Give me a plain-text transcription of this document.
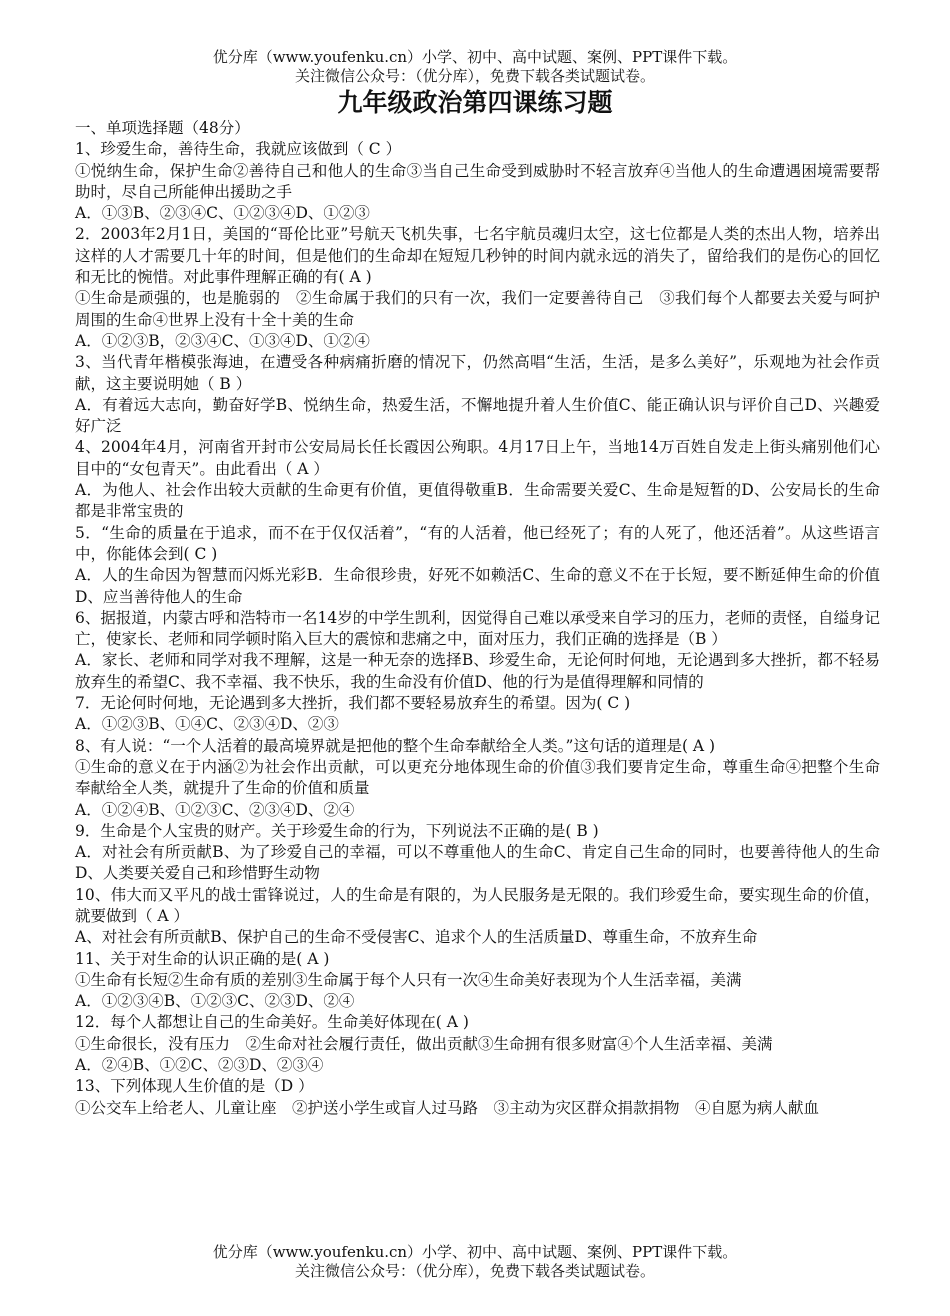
优分库（www.youfenku.cn）小学、初中、高中试题、案例、PPT课件下载。
关注微信公众号：（优分库），免费下载各类试题试卷。
九年级政治第四课练习题

一、单项选择题（48分）

1、珍爱生命，善待生命，我就应该做到（ C ）

①悦纳生命，保护生命②善待自己和他人的生命③当自己生命受到威胁时不轻言放弃④当他人的生命遭遇困境需要帮助时，尽自己所能伸出援助之手

A．①③B、②③④C、①②③④D、①②③

2．2003年2月1日，美国的“哥伦比亚”号航天飞机失事，七名宇航员魂归太空，这七位都是人类的杰出人物，培养出这样的人才需要几十年的时间，但是他们的生命却在短短几秒钟的时间内就永远的消失了，留给我们的是伤心的回忆和无比的惋惜。对此事件理解正确的有( A )

①生命是顽强的，也是脆弱的　②生命属于我们的只有一次，我们一定要善待自己　③我们每个人都要去关爱与呵护周围的生命④世界上没有十全十美的生命

A．①②③B，②③④C、①③④D、①②④

3、当代青年楷模张海迪，在遭受各种病痛折磨的情况下，仍然高唱“生活，生活，是多么美好”，乐观地为社会作贡献，这主要说明她（ B ）

A．有着远大志向，勤奋好学B、悦纳生命，热爱生活，不懈地提升着人生价值C、能正确认识与评价自己D、兴趣爱好广泛

4、2004年4月，河南省开封市公安局局长任长霞因公殉职。4月17日上午，当地14万百姓自发走上街头痛别他们心目中的“女包青天”。由此看出（ A ）

A．为他人、社会作出较大贡献的生命更有价值，更值得敬重B．生命需要关爱C、生命是短暂的D、公安局长的生命都是非常宝贵的

5．“生命的质量在于追求，而不在于仅仅活着”，“有的人活着，他已经死了；有的人死了，他还活着”。从这些语言中，你能体会到( C )

A．人的生命因为智慧而闪烁光彩B．生命很珍贵，好死不如赖活C、生命的意义不在于长短，要不断延伸生命的价值D、应当善待他人的生命

6、据报道，内蒙古呼和浩特市一名14岁的中学生凯利，因觉得自己难以承受来自学习的压力，老师的责怪，自缢身记亡，使家长、老师和同学顿时陷入巨大的震惊和悲痛之中，面对压力，我们正确的选择是（B ）

A．家长、老师和同学对我不理解，这是一种无奈的选择B、珍爱生命，无论何时何地，无论遇到多大挫折，都不轻易放弃生的希望C、我不幸福、我不快乐，我的生命没有价值D、他的行为是值得理解和同情的

7．无论何时何地，无论遇到多大挫折，我们都不要轻易放弃生的希望。因为( C )

A．①②③B、①④C、②③④D、②③

8、有人说：“一个人活着的最高境界就是把他的整个生命奉献给全人类。”这句话的道理是( A )

①生命的意义在于内涵②为社会作出贡献，可以更充分地体现生命的价值③我们要肯定生命，尊重生命④把整个生命奉献给全人类，就提升了生命的价值和质量

A．①②④B、①②③C、②③④D、②④

9．生命是个人宝贵的财产。关于珍爱生命的行为，下列说法不正确的是( B )

A．对社会有所贡献B、为了珍爱自己的幸福，可以不尊重他人的生命C、肯定自己生命的同时，也要善待他人的生命D、人类要关爱自己和珍惜野生动物

10、伟大而又平凡的战士雷锋说过，人的生命是有限的，为人民服务是无限的。我们珍爱生命，要实现生命的价值，就要做到（ A ）

A、对社会有所贡献B、保护自己的生命不受侵害C、追求个人的生活质量D、尊重生命，不放弃生命

11、关于对生命的认识正确的是( A )

①生命有长短②生命有质的差别③生命属于每个人只有一次④生命美好表现为个人生活幸福，美满

A．①②③④B、①②③C、②③D、②④

12．每个人都想让自己的生命美好。生命美好体现在( A )

①生命很长，没有压力　②生命对社会履行责任，做出贡献③生命拥有很多财富④个人生活幸福、美满

A．②④B、①②C、②③D、②③④

13、下列体现人生价值的是（D ）

①公交车上给老人、儿童让座　②护送小学生或盲人过马路　③主动为灾区群众捐款捐物　④自愿为病人献血

优分库（www.youfenku.cn）小学、初中、高中试题、案例、PPT课件下载。
关注微信公众号：（优分库），免费下载各类试题试卷。
